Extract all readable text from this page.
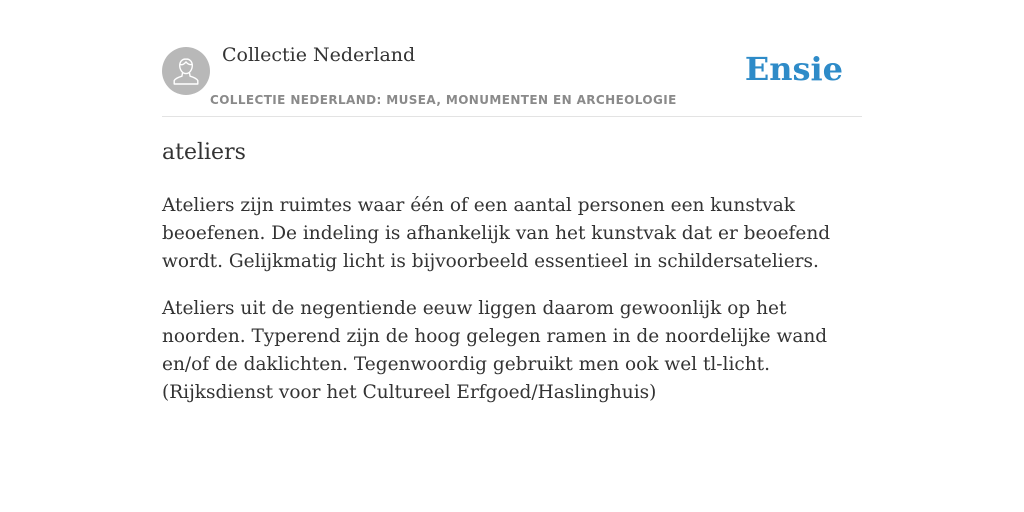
Collectie Nederland
COLLECTIE NEDERLAND: MUSEA, MONUMENTEN EN ARCHEOLOGIE
Ensie
ateliers

Ateliers zijn ruimtes waar één of een aantal personen een kunstvak beoefenen. De indeling is afhankelijk van het kunstvak dat er beoefend wordt. Gelijkmatig licht is bijvoorbeeld essentieel in schildersateliers.

Ateliers uit de negentiende eeuw liggen daarom gewoonlijk op het noorden. Typerend zijn de hoog gelegen ramen in de noordelijke wand en/of de daklichten. Tegenwoordig gebruikt men ook wel tl-licht. (Rijksdienst voor het Cultureel Erfgoed/Haslinghuis)
